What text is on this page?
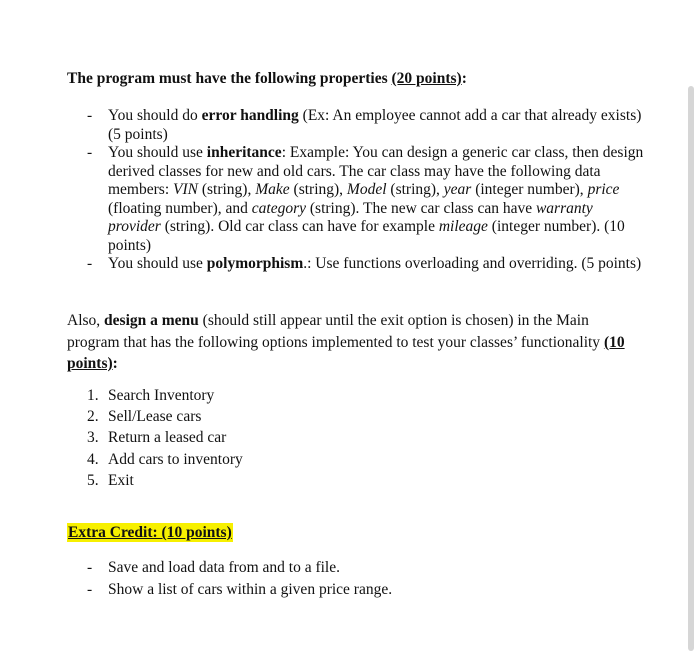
The program must have the following properties (20 points):
- You should do error handling (Ex: An employee cannot add a car that already exists) (5 points)
- You should use inheritance: Example: You can design a generic car class, then design derived classes for new and old cars. The car class may have the following data members: VIN (string), Make (string), Model (string), year (integer number), price (floating number), and category (string). The new car class can have warranty provider (string). Old car class can have for example mileage (integer number). (10 points)
- You should use polymorphism.: Use functions overloading and overriding. (5 points)
Also, design a menu (should still appear until the exit option is chosen) in the Main program that has the following options implemented to test your classes’ functionality (10 points):
1. Search Inventory
2. Sell/Lease cars
3. Return a leased car
4. Add cars to inventory
5. Exit
Extra Credit: (10 points)
- Save and load data from and to a file.
- Show a list of cars within a given price range.
